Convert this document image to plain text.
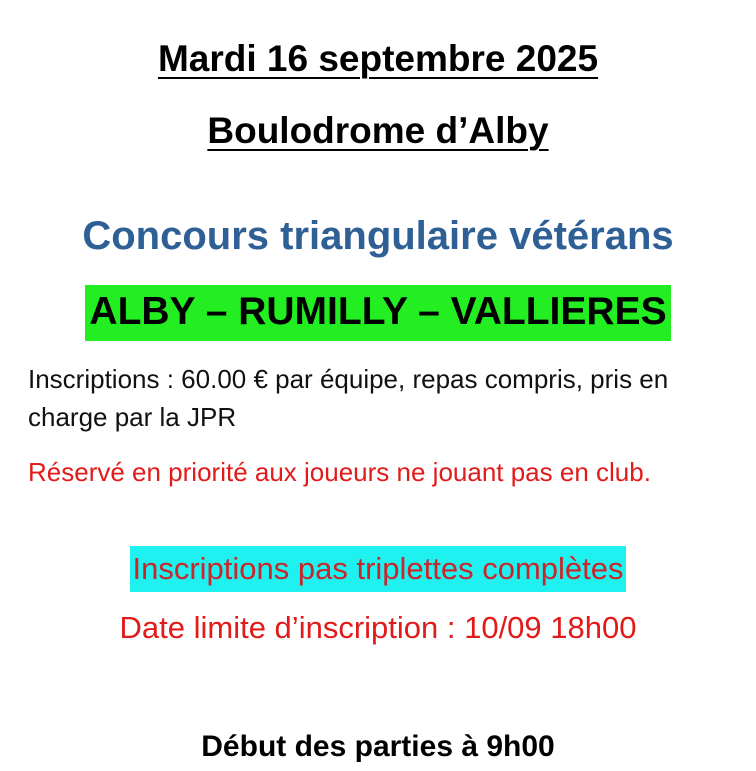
Mardi 16 septembre 2025
Boulodrome d’Alby
Concours triangulaire vétérans
ALBY – RUMILLY – VALLIERES
Inscriptions : 60.00 € par équipe, repas compris, pris en charge par la JPR
Réservé en priorité aux joueurs ne jouant pas en club.
Inscriptions pas triplettes complètes
Date limite d’inscription : 10/09 18h00
Début des parties à 9h00
